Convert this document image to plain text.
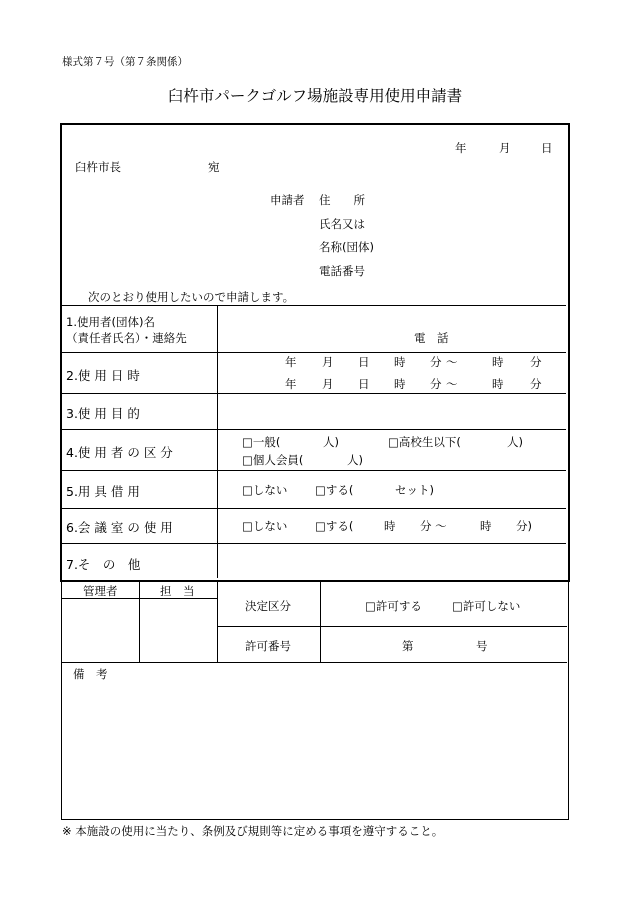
様式第７号（第７条関係）
臼杵市パークゴルフ場施設専用使用申請書
年	月	日
臼杵市長	宛
申請者 住　　所
氏名又は
名称(団体)
電話番号
次のとおり使用したいので申請します。
1.使用者(団体)名
（責任者氏名）・連絡先	電　話
2.使 用 日 時
年 月 日 時 分 ～	時 分
年 月 日 時 分 ～	時 分
3.使 用 目 的
4.使 用 者 の 区 分
□ 一般(	人)	□ 高校生以下(	人)
□ 個人会員(	人)
5.用 具 借 用	□ しない	□ する(	セット)
6.会 議 室 の 使 用	□ しない	□ する(	時 分 ～	時 分)
7.そ　の　他
管理者	担　当
決定区分	□ 許可する	□ 許可しない
許可番号	第	号
備　考
※ 本施設の使用に当たり、条例及び規則等に定める事項を遵守すること。
